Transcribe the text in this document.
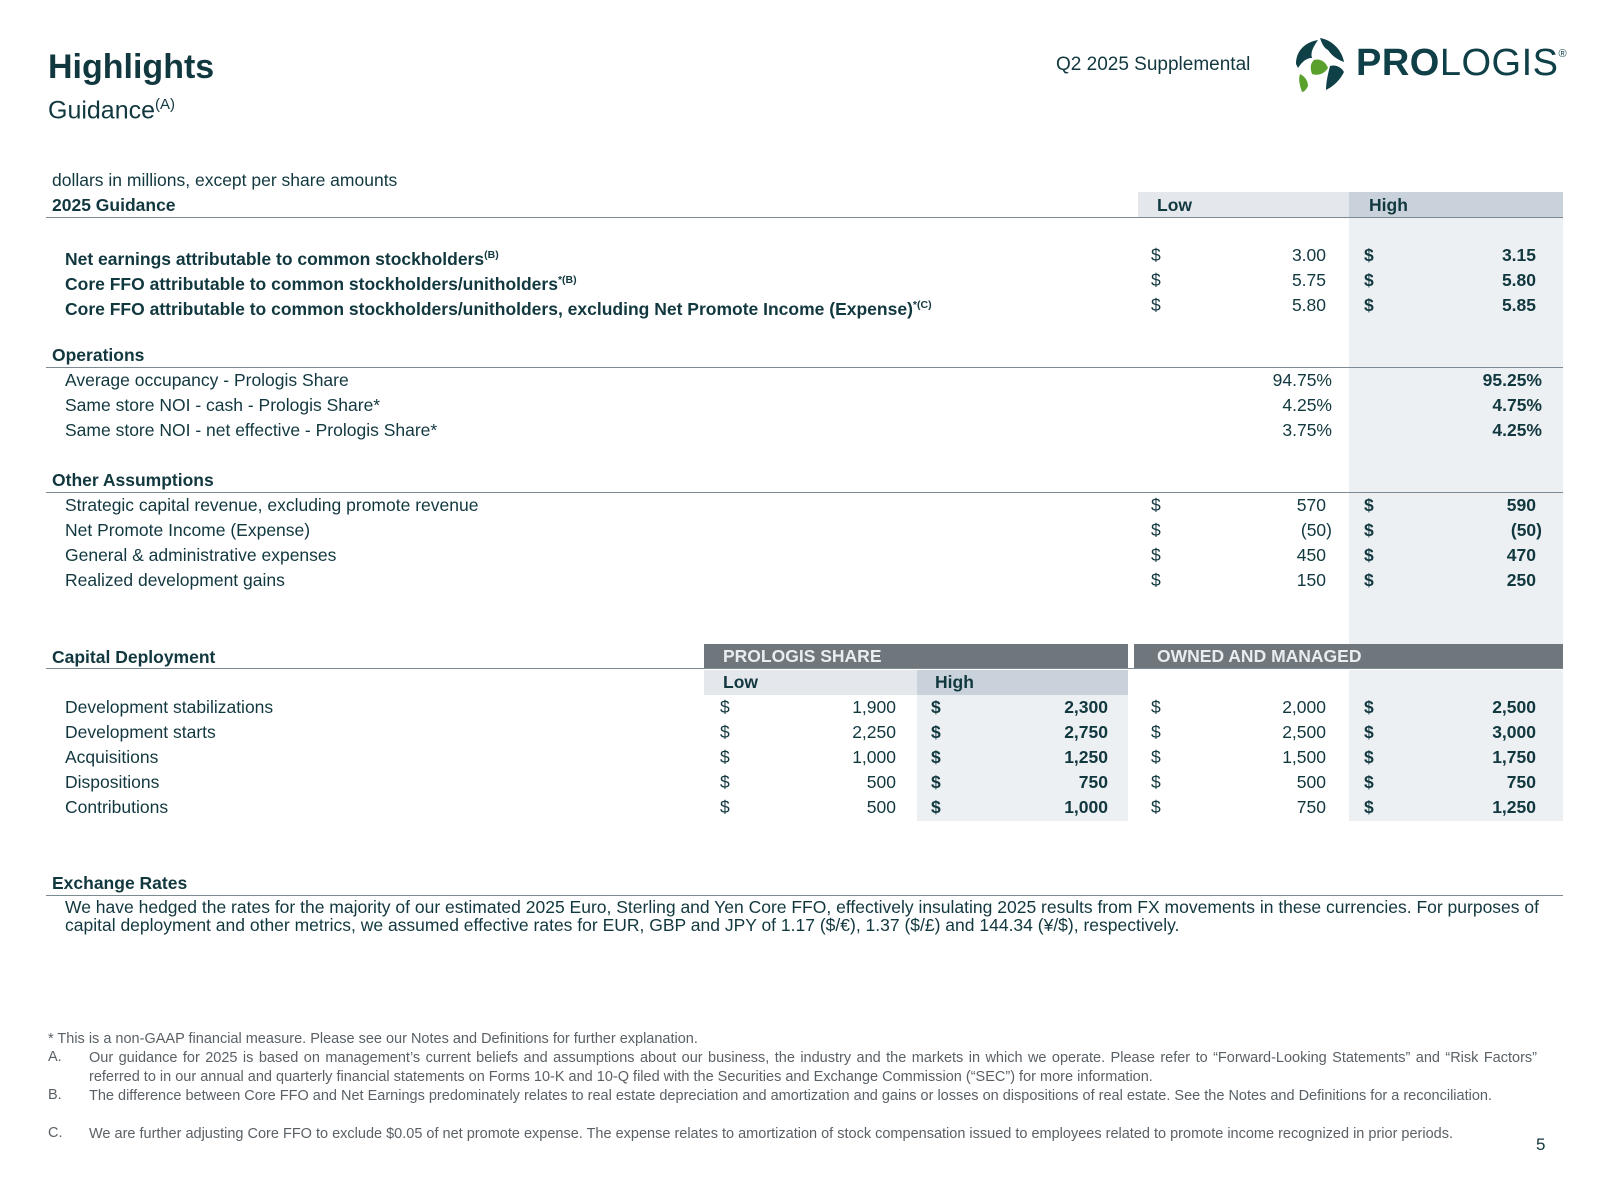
Highlights
Guidance$^{(A)}$
Q2 2025 Supplemental	PROLOGIS®
dollars in millions, except per share amounts
2025 Guidance	Low	High
Net earnings attributable to common stockholders$^{(B)}$	$	3.00 $	3.15
Core FFO attributable to common stockholders/unitholders$^{*(B)}$	$	5.75 $	5.80
Core FFO attributable to common stockholders/unitholders, excluding Net Promote Income (Expense)$^{*(C)}$	$	5.80 $	5.85
Operations
Average occupancy - Prologis Share	94.75%	95.25%
Same store NOI - cash - Prologis Share*	4.25%	4.75%
Same store NOI - net effective - Prologis Share*	3.75%	4.25%
Other Assumptions
Strategic capital revenue, excluding promote revenue	$	570 $	590
Net Promote Income (Expense)	$	(50) $	(50)
General & administrative expenses	$	450 $	470
Realized development gains	$	150 $	250
PROLOGIS SHARE	OWNED AND MANAGED
Capital Deployment
Low	High
Development stabilizations	$	1,900 $	2,300 $	2,000 $	2,500
Development starts	$	2,250 $	2,750 $	2,500 $	3,000
Acquisitions	$	1,000 $	1,250 $	1,500 $	1,750
Dispositions	$	500 $	750 $	500 $	750
Contributions	$	500 $	1,000 $	750 $	1,250
Exchange Rates
We have hedged the rates for the majority of our estimated 2025 Euro, Sterling and Yen Core FFO, effectively insulating 2025 results from FX movements in these currencies. For purposes of capital deployment and other metrics, we assumed effective rates for EUR, GBP and JPY of 1.17 ($/€), 1.37 ($/£) and 144.34 (¥/$), respectively.
* This is a non-GAAP financial measure. Please see our Notes and Definitions for further explanation.
A. Our guidance for 2025 is based on management’s current beliefs and assumptions about our business, the industry and the markets in which we operate. Please refer to “Forward-Looking Statements” and “Risk Factors” referred to in our annual and quarterly financial statements on Forms 10-K and 10-Q filed with the Securities and Exchange Commission (“SEC”) for more information.
B. The difference between Core FFO and Net Earnings predominately relates to real estate depreciation and amortization and gains or losses on dispositions of real estate. See the Notes and Definitions for a reconciliation.
C. We are further adjusting Core FFO to exclude $0.05 of net promote expense. The expense relates to amortization of stock compensation issued to employees related to promote income recognized in prior periods.
5
